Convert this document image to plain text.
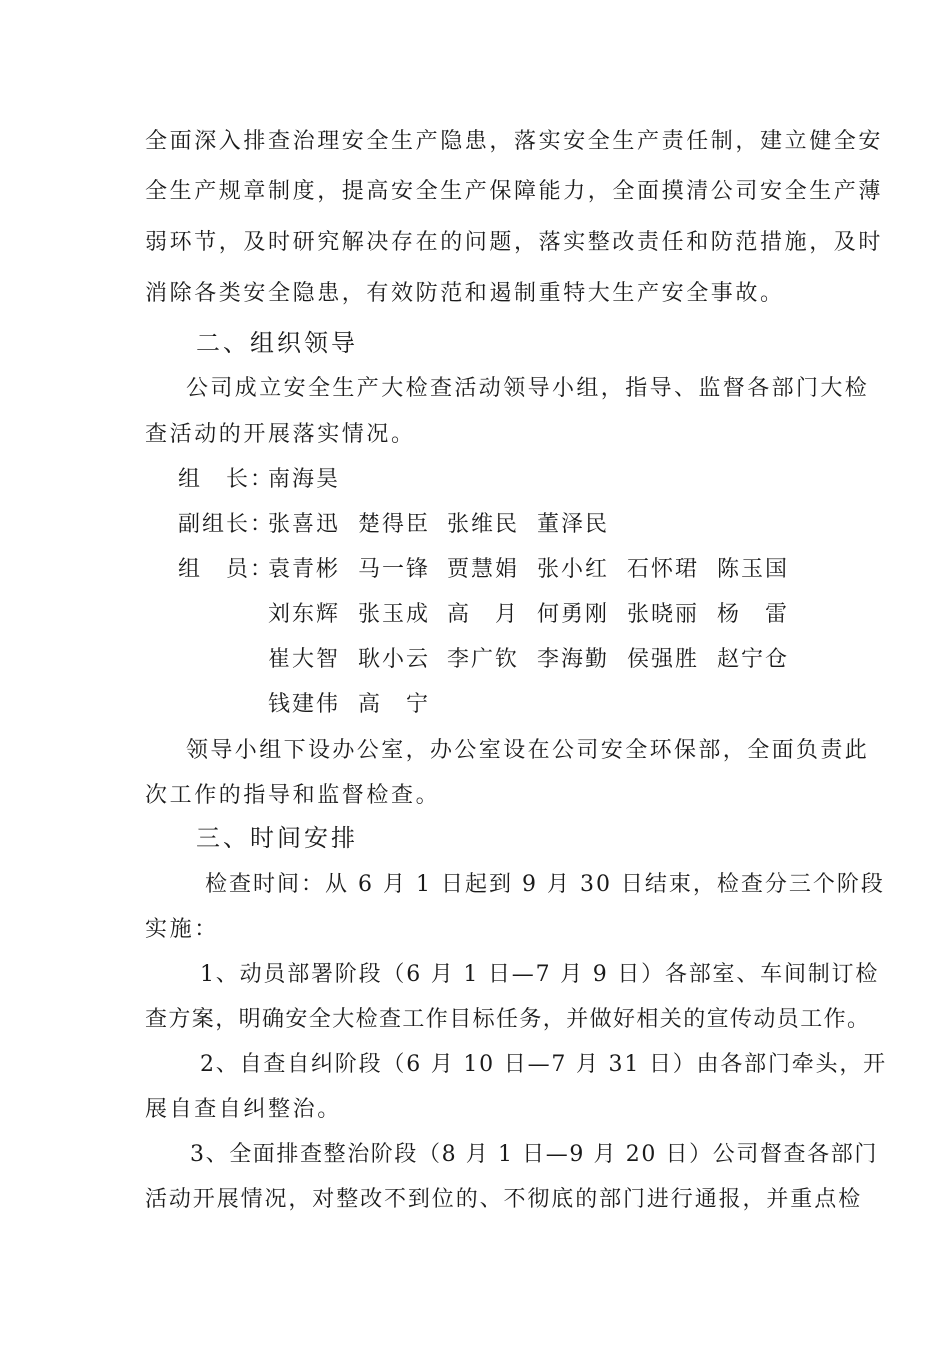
全面深入排查治理安全生产隐患，落实安全生产责任制，建立健全安
全生产规章制度，提高安全生产保障能力，全面摸清公司安全生产薄
弱环节，及时研究解决存在的问题，落实整改责任和防范措施，及时
消除各类安全隐患，有效防范和遏制重特大生产安全事故。
二、组织领导
公司成立安全生产大检查活动领导小组，指导、监督各部门大检
查活动的开展落实情况。
组　长：
南海昊
副组长：
张喜迅 楚得臣 张维民 董泽民
组　员：
袁青彬 马一锋 贾慧娟 张小红 石怀珺 陈玉国
刘东辉 张玉成 高　月 何勇刚 张晓丽 杨　雷
崔大智 耿小云 李广钦 李海勤 侯强胜 赵宁仓
钱建伟 高　宁
领导小组下设办公室，办公室设在公司安全环保部，全面负责此
次工作的指导和监督检查。
三、时间安排
检查时间：从 6 月 1 日起到 9 月 30 日结束，检查分三个阶段
实施：
1、动员部署阶段（6 月 1 日—7 月 9 日）各部室、车间制订检
查方案，明确安全大检查工作目标任务，并做好相关的宣传动员工作。
2、自查自纠阶段（6 月 10 日—7 月 31 日）由各部门牵头，开
展自查自纠整治。
3、全面排查整治阶段（8 月 1 日—9 月 20 日）公司督查各部门
活动开展情况，对整改不到位的、不彻底的部门进行通报，并重点检
